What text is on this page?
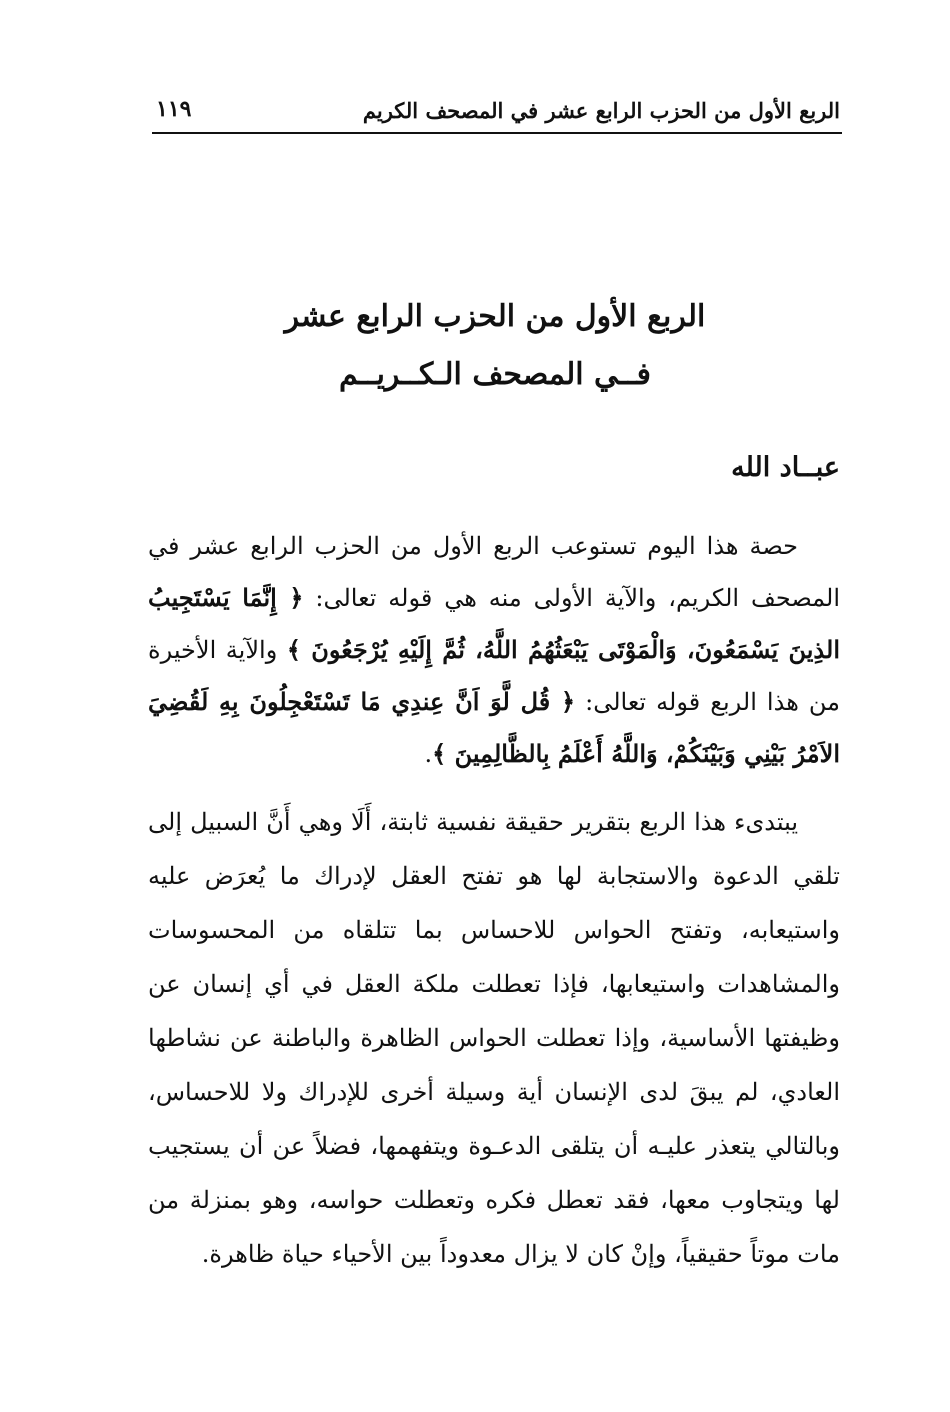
الربع الأول من الحزب الرابع عشر في المصحف الكريم
١١٩
الربع الأول من الحزب الرابع عشر
فــي المصحف الـكــريــم
عبــاد الله

حصة هذا اليوم تستوعب الربع الأول من الحزب الرابع عشر في المصحف الكريم، والآية الأولى منه هي قوله تعالى: ﴿ إِنَّمَا يَسْتَجِيبُ الذِينَ يَسْمَعُونَ، وَالْمَوْتَى يَبْعَثُهُمُ اللَّهُ، ثُمَّ إِلَيْهِ يُرْجَعُونَ ﴾ والآية الأخيرة من هذا الربع قوله تعالى: ﴿ قُل لَّوَ اَنَّ عِندِي مَا تَسْتَعْجِلُونَ بِهِ لَقُضِيَ الاَمْرُ بَيْنِي وَبَيْنَكُمْ، وَاللَّهُ أَعْلَمُ بِالظَّالِمِينَ ﴾.

يبتدىء هذا الربع بتقرير حقيقة نفسية ثابتة، أَلَا وهي أَنَّ السبيل إلى تلقي الدعوة والاستجابة لها هو تفتح العقل لإدراك ما يُعرَض عليه واستيعابه، وتفتح الحواس للاحساس بما تتلقاه من المحسوسات والمشاهدات واستيعابها، فإذا تعطلت ملكة العقل في أي إنسان عن وظيفتها الأساسية، وإذا تعطلت الحواس الظاهرة والباطنة عن نشاطها العادي، لم يبقَ لدى الإنسان أية وسيلة أخرى للإدراك ولا للاحساس، وبالتالي يتعذر عليـه أن يتلقى الدعـوة ويتفهمها، فضلاً عن أن يستجيب لها ويتجاوب معها، فقد تعطل فكره وتعطلت حواسه، وهو بمنزلة من مات موتاً حقيقياً، وإنْ كان لا يزال معدوداً بين الأحياء حياة ظاهرة.
